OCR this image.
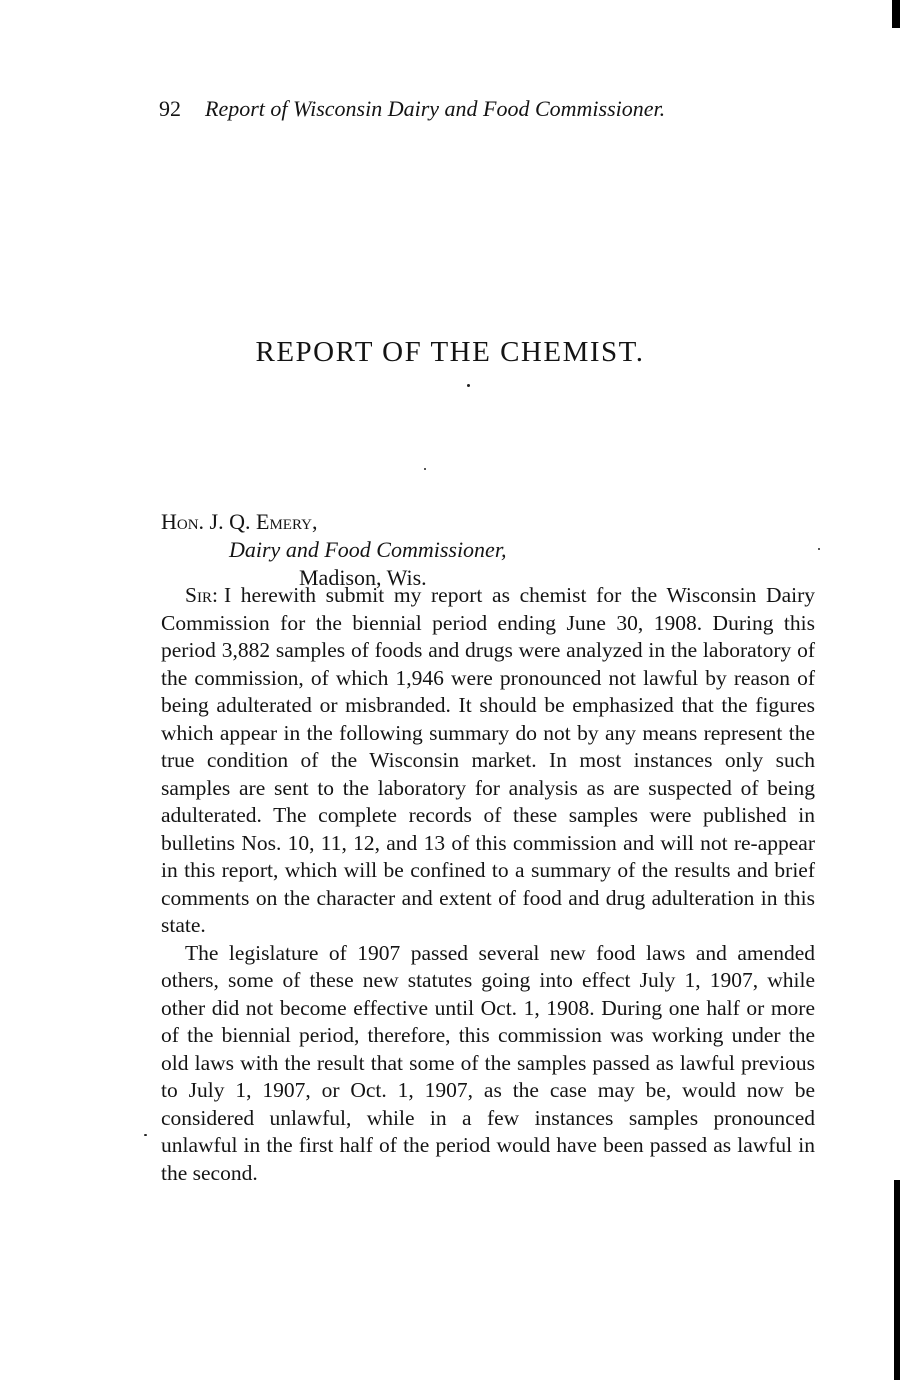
92 Report of Wisconsin Dairy and Food Commissioner.
REPORT OF THE CHEMIST.
Hon. J. Q. Emery,
Dairy and Food Commissioner,
Madison, Wis.

Sir: I herewith submit my report as chemist for the Wisconsin Dairy Commission for the biennial period ending June 30, 1908. During this period 3,882 samples of foods and drugs were analyzed in the laboratory of the commission, of which 1,946 were pronounced not lawful by reason of being adulterated or misbranded. It should be emphasized that the figures which appear in the following summary do not by any means represent the true condition of the Wisconsin market. In most instances only such samples are sent to the laboratory for analysis as are suspected of being adulterated. The complete records of these samples were published in bulletins Nos. 10, 11, 12, and 13 of this commission and will not re-appear in this report, which will be confined to a summary of the results and brief comments on the character and extent of food and drug adulteration in this state.

The legislature of 1907 passed several new food laws and amended others, some of these new statutes going into effect July 1, 1907, while other did not become effective until Oct. 1, 1908. During one half or more of the biennial period, therefore, this commission was working under the old laws with the result that some of the samples passed as lawful previous to July 1, 1907, or Oct. 1, 1907, as the case may be, would now be considered unlawful, while in a few instances samples pronounced unlawful in the first half of the period would have been passed as lawful in the second.
